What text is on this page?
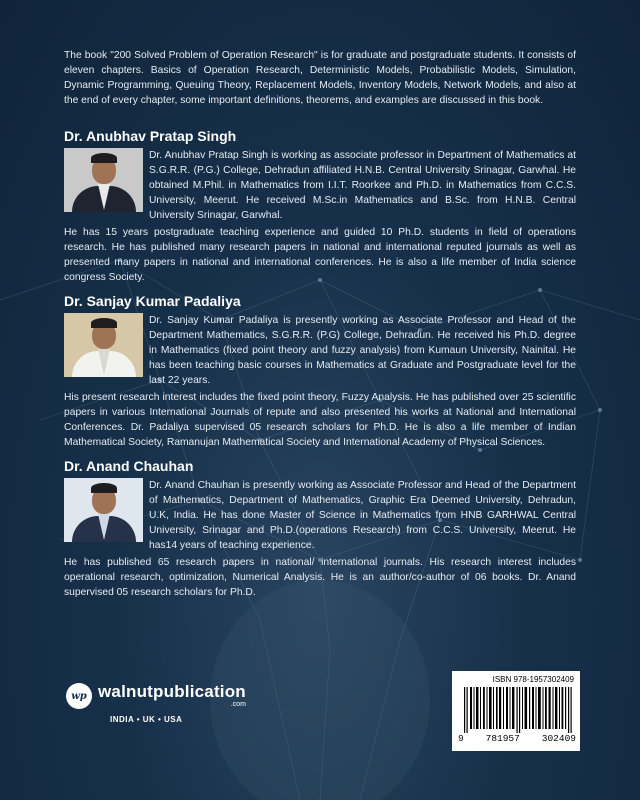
The book "200 Solved Problem of Operation Research" is for graduate and postgraduate students. It consists of eleven chapters. Basics of Operation Research, Deterministic Models, Probabilistic Models, Simulation, Dynamic Programming, Queuing Theory, Replacement Models, Inventory Models, Network Models, and also at the end of every chapter, some important definitions, theorems, and examples are discussed in this book.

Dr. Anubhav Pratap Singh

Dr. Anubhav Pratap Singh is working as associate professor in Department of Mathematics at S.G.R.R. (P.G.) College, Dehradun affiliated H.N.B. Central University Srinagar, Garwhal. He obtained M.Phil. in Mathematics from I.I.T. Roorkee and Ph.D. in Mathematics from C.C.S. University, Meerut. He received M.Sc.in Mathematics and B.Sc. from H.N.B. Central University Srinagar, Garwhal.

He has 15 years postgraduate teaching experience and guided 10 Ph.D. students in field of operations research. He has published many research papers in national and international reputed journals as well as presented many papers in national and international conferences. He is also a life member of India science congress Society.

Dr. Sanjay Kumar Padaliya

Dr. Sanjay Kumar Padaliya is presently working as Associate Professor and Head of the Department Mathematics, S.G.R.R. (P.G) College, Dehradun. He received his Ph.D. degree in Mathematics (fixed point theory and fuzzy analysis) from Kumaun University, Nainital. He has been teaching basic courses in Mathematics at Graduate and Postgraduate level for the last 22 years.

His present research interest includes the fixed point theory, Fuzzy Analysis. He has published over 25 scientific papers in various International Journals of repute and also presented his works at National and International Conferences. Dr. Padaliya supervised 05 research scholars for Ph.D. He is also a life member of Indian Mathematical Society, Ramanujan Mathematical Society and International Academy of Physical Sciences.

Dr. Anand Chauhan

Dr. Anand Chauhan is presently working as Associate Professor and Head of the Department of Mathematics, Department of Mathematics, Graphic Era Deemed University, Dehradun, U.K, India. He has done Master of Science in Mathematics from HNB GARHWAL Central University, Srinagar and Ph.D.(operations Research) from C.C.S. University, Meerut. He has14 years of teaching experience.

He has published 65 research papers in national/ international journals. His research interest includes operational research, optimization, Numerical Analysis. He is an author/co-author of 06 books. Dr. Anand supervised 05 research scholars for Ph.D.

wp walnutpublication
.com
INDIA • UK • USA
ISBN 978-1957302409
9 781957 302409
